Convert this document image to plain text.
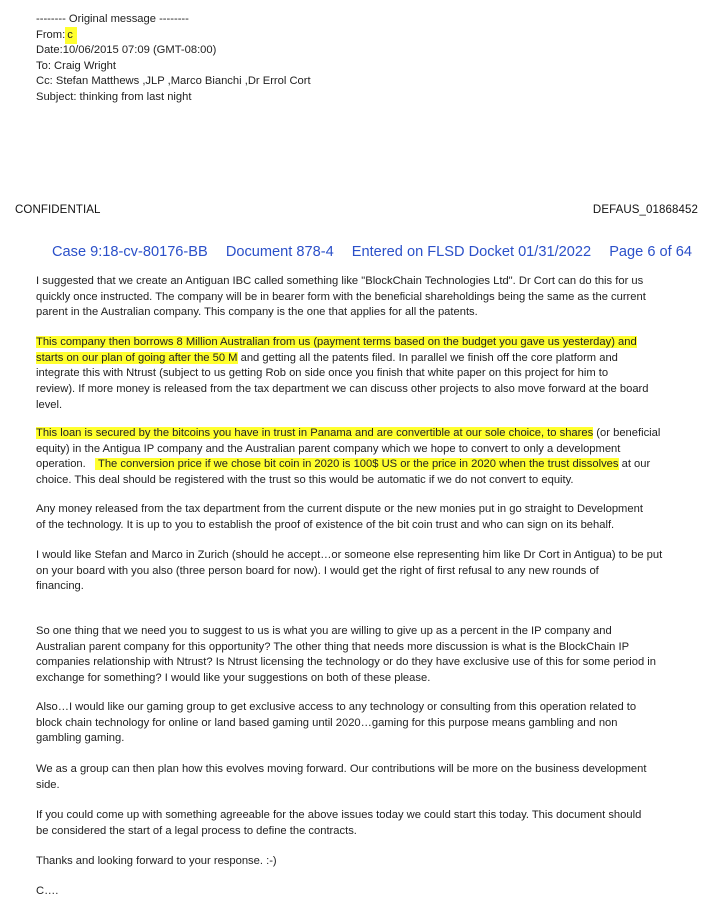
-------- Original message --------
From: c
Date:10/06/2015 07:09 (GMT-08:00)
To: Craig Wright
Cc: Stefan Matthews ,JLP ,Marco Bianchi ,Dr Errol Cort
Subject: thinking from last night
CONFIDENTIAL	DEFAUS_01868452
Case 9:18-cv-80176-BB Document 878-4 Entered on FLSD Docket 01/31/2022 Page 6 of 64
I suggested that we create an Antiguan IBC called something like "BlockChain Technologies Ltd". Dr Cort can do this for us
quickly once instructed. The company will be in bearer form with the beneficial shareholdings being the same as the current
parent in the Australian company. This company is the one that applies for all the patents.
This company then borrows 8 Million Australian from us (payment terms based on the budget you gave us yesterday) and
starts on our plan of going after the 50 M and getting all the patents filed. In parallel we finish off the core platform and
integrate this with Ntrust (subject to us getting Rob on side once you finish that white paper on this project for him to
review). If more money is released from the tax department we can discuss other projects to also move forward at the board
level.
This loan is secured by the bitcoins you have in trust in Panama and are convertible at our sole choice, to shares (or beneficial
equity) in the Antigua IP company and the Australian parent company which we hope to convert to only a development
operation.    The conversion price if we chose bit coin in 2020 is 100$ US or the price in 2020 when the trust dissolves at our
choice. This deal should be registered with the trust so this would be automatic if we do not convert to equity.
Any money released from the tax department from the current dispute or the new monies put in go straight to Development
of the technology. It is up to you to establish the proof of existence of the bit coin trust and who can sign on its behalf.
I would like Stefan and Marco in Zurich (should he accept…or someone else representing him like Dr Cort in Antigua) to be put
on your board with you also (three person board for now). I would get the right of first refusal to any new rounds of
financing.
So one thing that we need you to suggest to us is what you are willing to give up as a percent in the IP company and
Australian parent company for this opportunity? The other thing that needs more discussion is what is the BlockChain IP
companies relationship with Ntrust? Is Ntrust licensing the technology or do they have exclusive use of this for some period in
exchange for something? I would like your suggestions on both of these please.
Also…I would like our gaming group to get exclusive access to any technology or consulting from this operation related to
block chain technology for online or land based gaming until 2020…gaming for this purpose means gambling and non
gambling gaming.
We as a group can then plan how this evolves moving forward. Our contributions will be more on the business development
side.
If you could come up with something agreeable for the above issues today we could start this today. This document should
be considered the start of a legal process to define the contracts.
Thanks and looking forward to your response. :-)
C….
